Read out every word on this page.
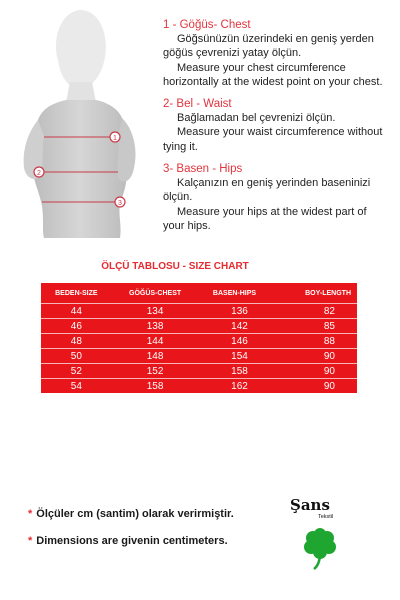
1
2
3
1 - Göğüs- Chest
Göğsünüzün üzerindeki en geniş yerden
göğüs çevrenizi yatay ölçün.
Measure your chest circumference
horizontally at the widest point on your chest.
2- Bel - Waist
Bağlamadan bel çevrenizi ölçün.
Measure your waist circumference without
tying it.
3- Basen - Hips
Kalçanızın en geniş yerinden baseninizi
ölçün.
Measure your hips at the widest part of
your hips.
ÖLÇÜ TABLOSU - SIZE CHART
BEDEN-SIZE	GÖĞÜS-CHEST	BASEN-HIPS	BOY-LENGTH
44	134	136	82
46	138	142	85
48	144	146	88
50	148	154	90
52	152	158	90
54	158	162	90
* Ölçüler cm (santim) olarak verirmiştir.
* Dimensions are givenin centimeters.
Şans
Tekstil
